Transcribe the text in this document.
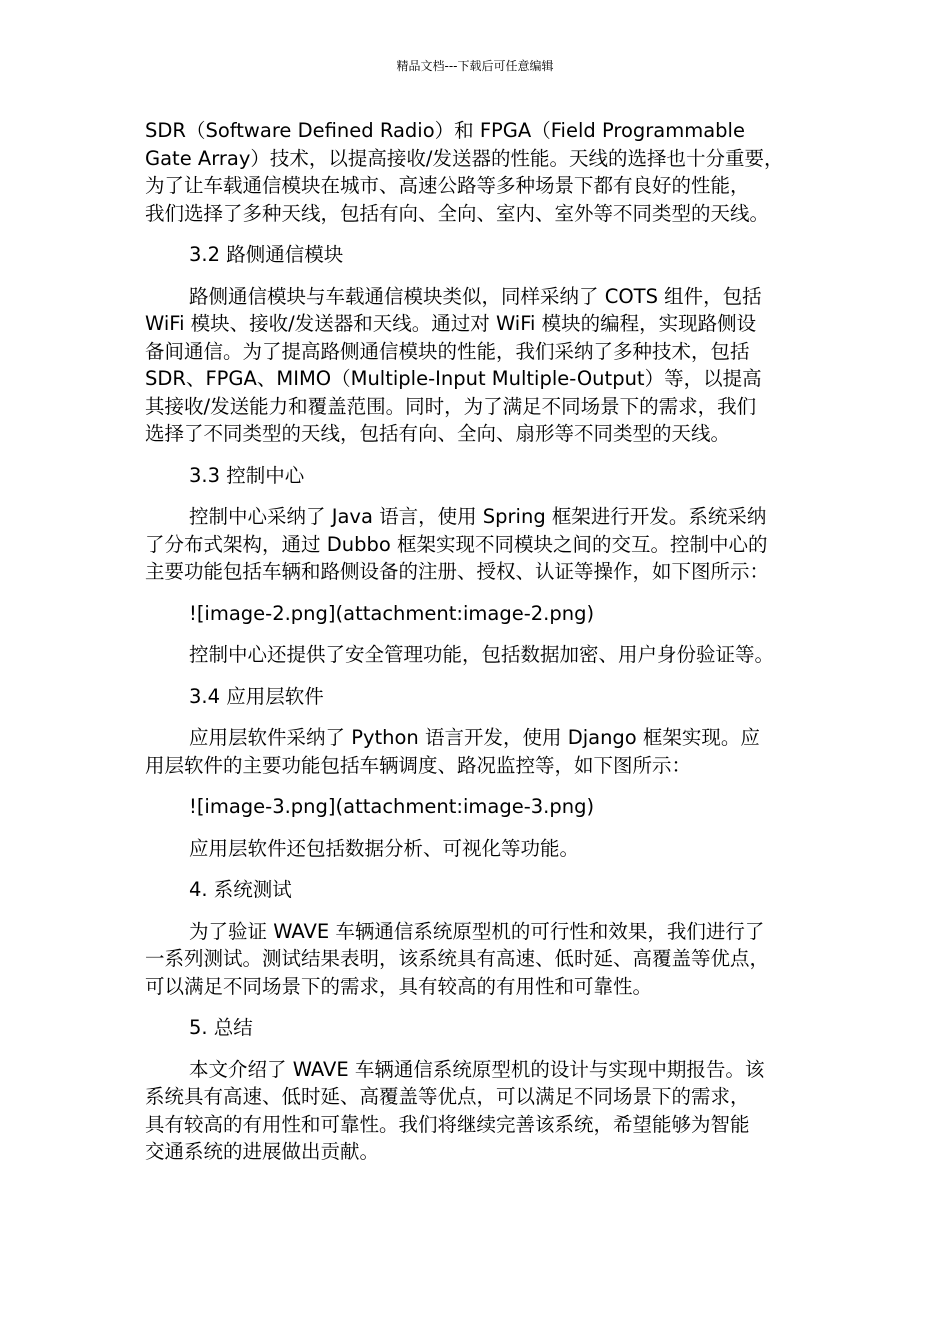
精品文档---下载后可任意编辑
SDR（Software Defined Radio）和 FPGA（Field Programmable
Gate Array）技术，以提高接收/发送器的性能。天线的选择也十分重要，
为了让车载通信模块在城市、高速公路等多种场景下都有良好的性能，
我们选择了多种天线，包括有向、全向、室内、室外等不同类型的天线。
3.2 路侧通信模块
路侧通信模块与车载通信模块类似，同样采纳了 COTS 组件，包括
WiFi 模块、接收/发送器和天线。通过对 WiFi 模块的编程，实现路侧设
备间通信。为了提高路侧通信模块的性能，我们采纳了多种技术，包括
SDR、FPGA、MIMO（Multiple-Input Multiple-Output）等，以提高
其接收/发送能力和覆盖范围。同时，为了满足不同场景下的需求，我们
选择了不同类型的天线，包括有向、全向、扇形等不同类型的天线。
3.3 控制中心
控制中心采纳了 Java 语言，使用 Spring 框架进行开发。系统采纳
了分布式架构，通过 Dubbo 框架实现不同模块之间的交互。控制中心的
主要功能包括车辆和路侧设备的注册、授权、认证等操作，如下图所示：
![image-2.png](attachment:image-2.png)
控制中心还提供了安全管理功能，包括数据加密、用户身份验证等。
3.4 应用层软件
应用层软件采纳了 Python 语言开发，使用 Django 框架实现。应
用层软件的主要功能包括车辆调度、路况监控等，如下图所示：
![image-3.png](attachment:image-3.png)
应用层软件还包括数据分析、可视化等功能。
4. 系统测试
为了验证 WAVE 车辆通信系统原型机的可行性和效果，我们进行了
一系列测试。测试结果表明，该系统具有高速、低时延、高覆盖等优点，
可以满足不同场景下的需求，具有较高的有用性和可靠性。
5. 总结
本文介绍了 WAVE 车辆通信系统原型机的设计与实现中期报告。该
系统具有高速、低时延、高覆盖等优点，可以满足不同场景下的需求，
具有较高的有用性和可靠性。我们将继续完善该系统，希望能够为智能
交通系统的进展做出贡献。
